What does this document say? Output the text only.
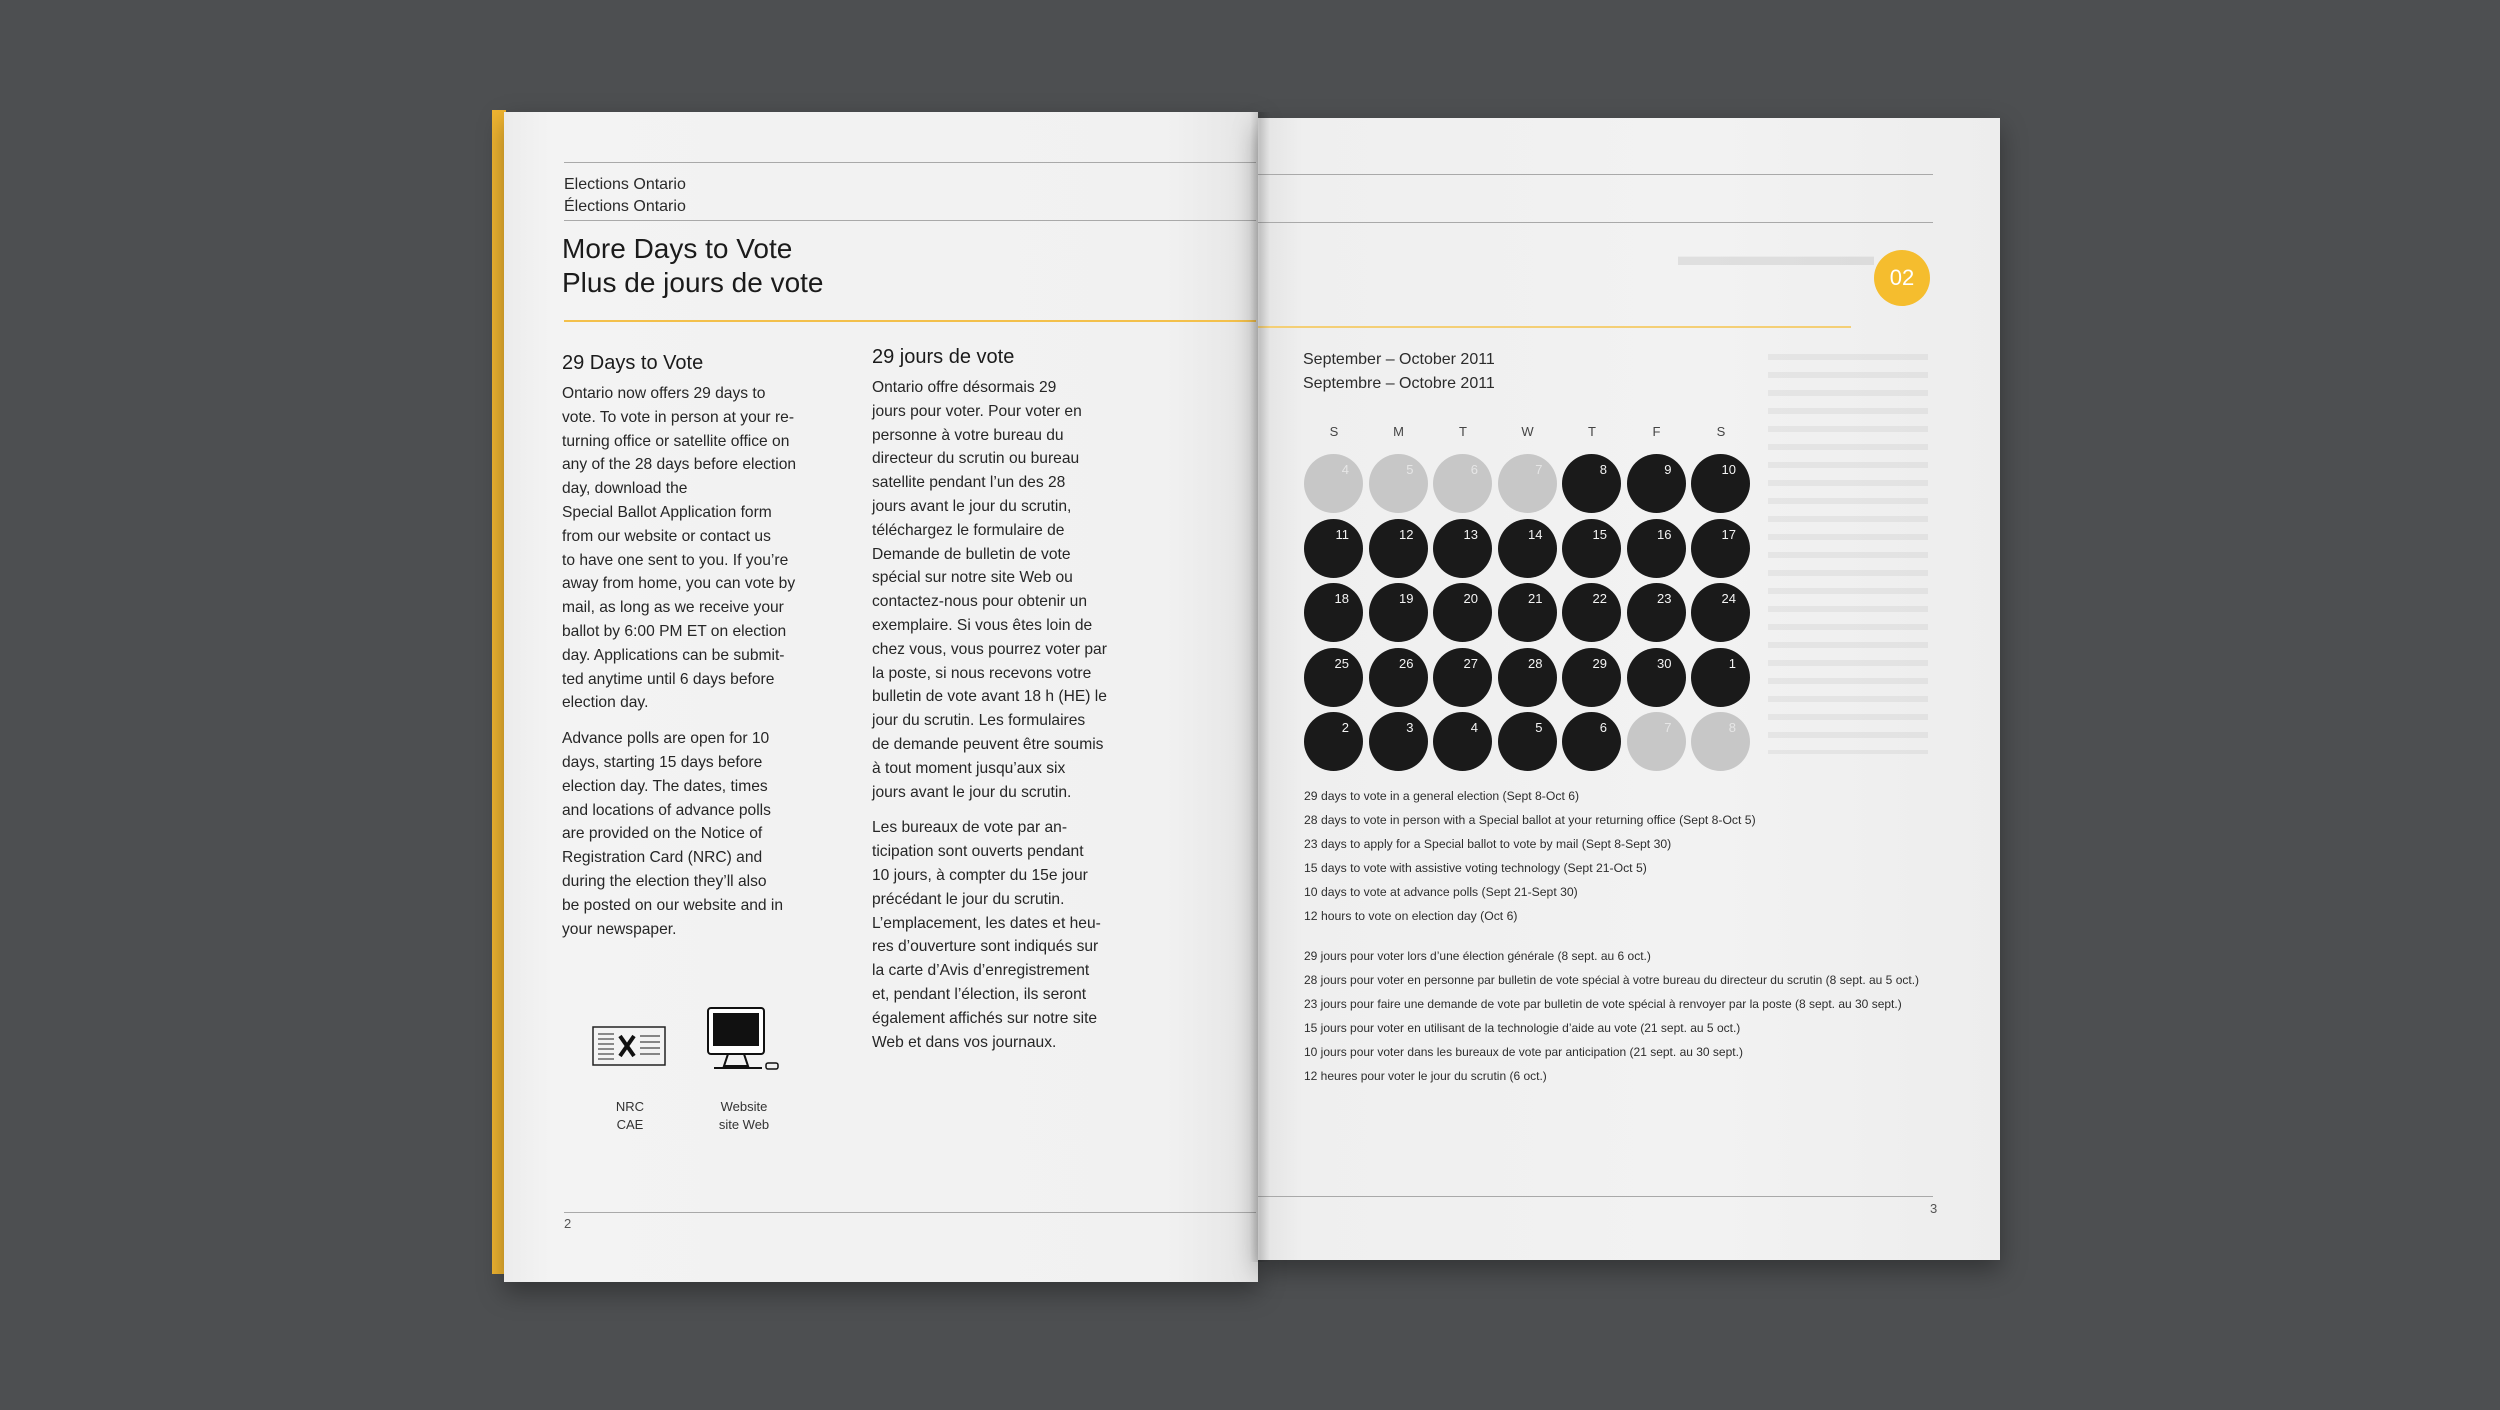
Elections Ontario
Élections Ontario
More Days to Vote
Plus de jours de vote
29 Days to Vote

Ontario now offers 29 days to
vote. To vote in person at your re-
turning office or satellite office on
any of the 28 days before election
day, download the
Special Ballot Application form
from our website or contact us
to have one sent to you. If you’re
away from home, you can vote by
mail, as long as we receive your
ballot by 6:00 PM ET on election
day. Applications can be submit-
ted anytime until 6 days before
election day.

Advance polls are open for 10
days, starting 15 days before
election day. The dates, times
and locations of advance polls
are provided on the Notice of
Registration Card (NRC) and
during the election they’ll also
be posted on our website and in
your newspaper.

29 jours de vote

Ontario offre désormais 29
jours pour voter. Pour voter en
personne à votre bureau du
directeur du scrutin ou bureau
satellite pendant l’un des 28
jours avant le jour du scrutin,
téléchargez le formulaire de
Demande de bulletin de vote
spécial sur notre site Web ou
contactez-nous pour obtenir un
exemplaire. Si vous êtes loin de
chez vous, vous pourrez voter par
la poste, si nous recevons votre
bulletin de vote avant 18 h (HE) le
jour du scrutin. Les formulaires
de demande peuvent être soumis
à tout moment jusqu’aux six
jours avant le jour du scrutin.

Les bureaux de vote par an-
ticipation sont ouverts pendant
10 jours, à compter du 15e jour
précédant le jour du scrutin.
L’emplacement, les dates et heu-
res d’ouverture sont indiqués sur
la carte d’Avis d’enregistrement
et, pendant l’élection, ils seront
également affichés sur notre site
Web et dans vos journaux.

NRC
CAE
Website
site Web
2
▬▬▬▬▬▬▬
September – October 2011
Septembre – Octobre 2011
S	M	T	W	T	F	S
4	5	6	7	8	9	10
11	12	13	14	15	16	17
18	19	20	21	22	23	24
25	26	27	28	29	30	1
2	3	4	5	6	7	8
29 days to vote in a general election (Sept 8-Oct 6)
28 days to vote in person with a Special ballot at your returning office (Sept 8-Oct 5)
23 days to apply for a Special ballot to vote by mail (Sept 8-Sept 30)
15 days to vote with assistive voting technology (Sept 21-Oct 5)
10 days to vote at advance polls (Sept 21-Sept 30)
12 hours to vote on election day (Oct 6)
29 jours pour voter lors d’une élection générale (8 sept. au 6 oct.)
28 jours pour voter en personne par bulletin de vote spécial à votre bureau du directeur du scrutin (8 sept. au 5 oct.)
23 jours pour faire une demande de vote par bulletin de vote spécial à renvoyer par la poste (8 sept. au 30 sept.)
15 jours pour voter en utilisant de la technologie d’aide au vote (21 sept. au 5 oct.)
10 jours pour voter dans les bureaux de vote par anticipation (21 sept. au 30 sept.)
12 heures pour voter le jour du scrutin (6 oct.)
3
02
